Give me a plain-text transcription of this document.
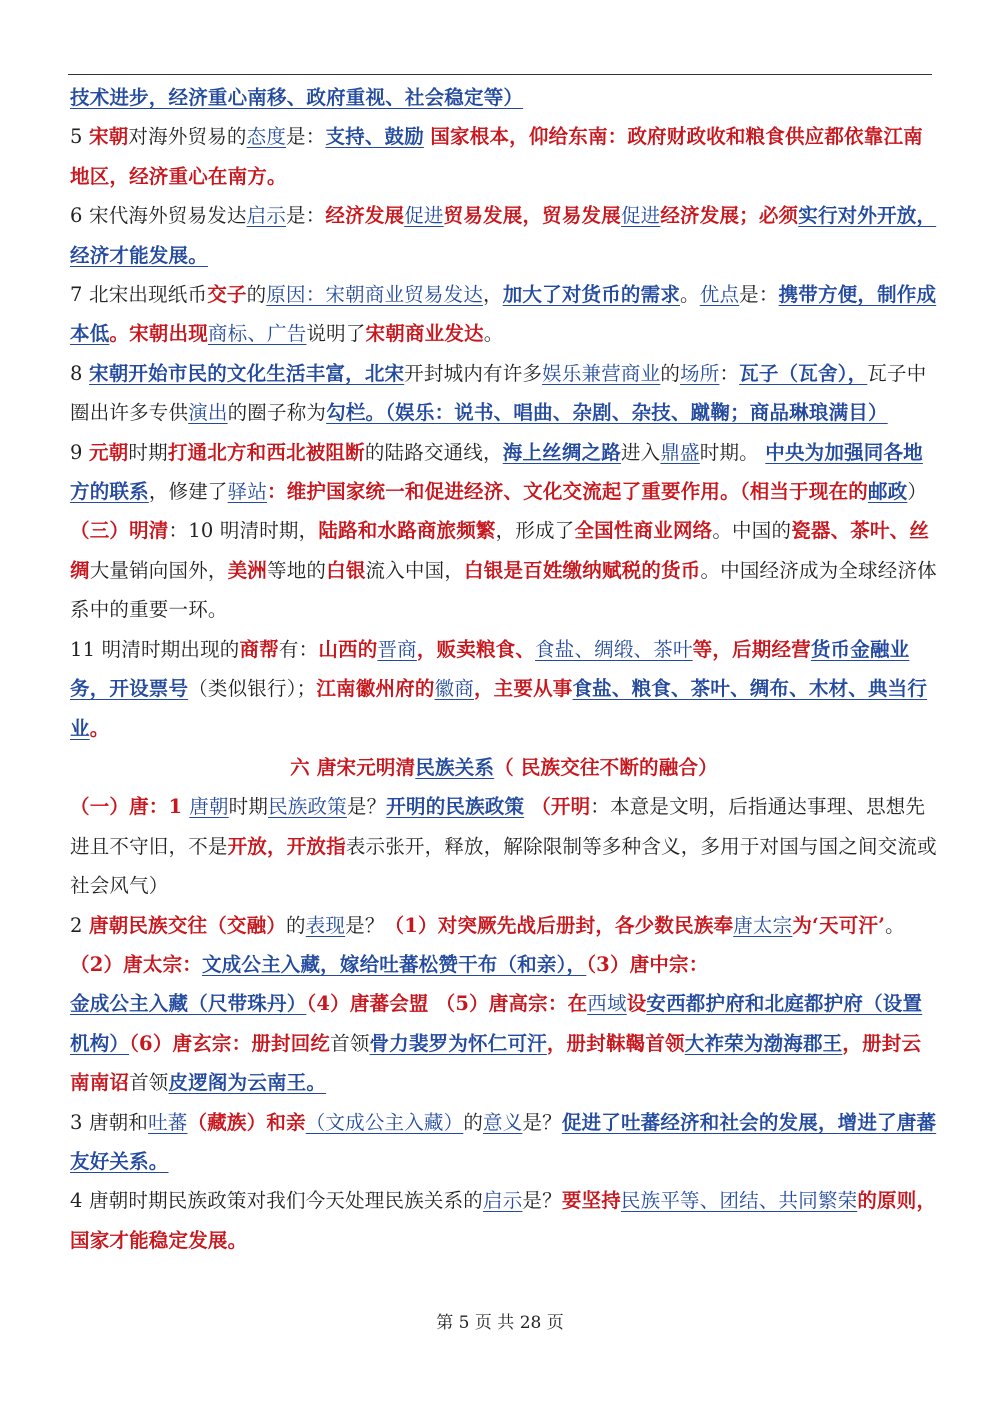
技术进步，经济重心南移、政府重视、社会稳定等）

5 宋朝对海外贸易的态度是：支持、鼓励 国家根本，仰给东南：政府财政收和粮食供应都依靠江南地区，经济重心在南方。

6 宋代海外贸易发达启示是：经济发展促进贸易发展，贸易发展促进经济发展；必须实行对外开放，经济才能发展。

7 北宋出现纸币交子的原因：宋朝商业贸易发达，加大了对货币的需求。优点是：携带方便，制作成本低。宋朝出现商标、广告说明了宋朝商业发达。

8 宋朝开始市民的文化生活丰富，北宋开封城内有许多娱乐兼营商业的场所：瓦子（瓦舍），瓦子中圈出许多专供演出的圈子称为勾栏。（娱乐：说书、唱曲、杂剧、杂技、蹴鞠；商品琳琅满目）

9 元朝时期打通北方和西北被阻断的陆路交通线，海上丝绸之路进入鼎盛时期。 中央为加强同各地方的联系，修建了驿站：维护国家统一和促进经济、文化交流起了重要作用。（相当于现在的邮政）

（三）明清：10 明清时期，陆路和水路商旅频繁，形成了全国性商业网络。中国的瓷器、茶叶、丝绸大量销向国外，美洲等地的白银流入中国，白银是百姓缴纳赋税的货币。中国经济成为全球经济体系中的重要一环。

11 明清时期出现的商帮有：山西的晋商，贩卖粮食、食盐、绸缎、茶叶等，后期经营货币金融业务，开设票号（类似银行）；江南徽州府的徽商，主要从事食盐、粮食、茶叶、绸布、木材、典当行业。

六 唐宋元明清民族关系（ 民族交往不断的融合）

（一）唐：1 唐朝时期民族政策是？开明的民族政策 （开明：本意是文明，后指通达事理、思想先进且不守旧，不是开放，开放指表示张开，释放，解除限制等多种含义，多用于对国与国之间交流或社会风气）

2 唐朝民族交往（交融）的表现是？（1）对突厥先战后册封，各少数民族奉唐太宗为‘天可汗’。（2）唐太宗：文成公主入藏，嫁给吐蕃松赞干布（和亲），（3）唐中宗：金成公主入藏（尺带珠丹）（4）唐蕃会盟 （5）唐高宗：在西域设安西都护府和北庭都护府（设置机构）（6）唐玄宗：册封回纥首领骨力裴罗为怀仁可汗，册封靺鞨首领大祚荣为渤海郡王，册封云南南诏首领皮逻阁为云南王。

3 唐朝和吐蕃（藏族）和亲（文成公主入藏）的意义是？促进了吐蕃经济和社会的发展，增进了唐蕃友好关系。

4 唐朝时期民族政策对我们今天处理民族关系的启示是？要坚持民族平等、团结、共同繁荣的原则，国家才能稳定发展。

第 5 页 共 28 页
